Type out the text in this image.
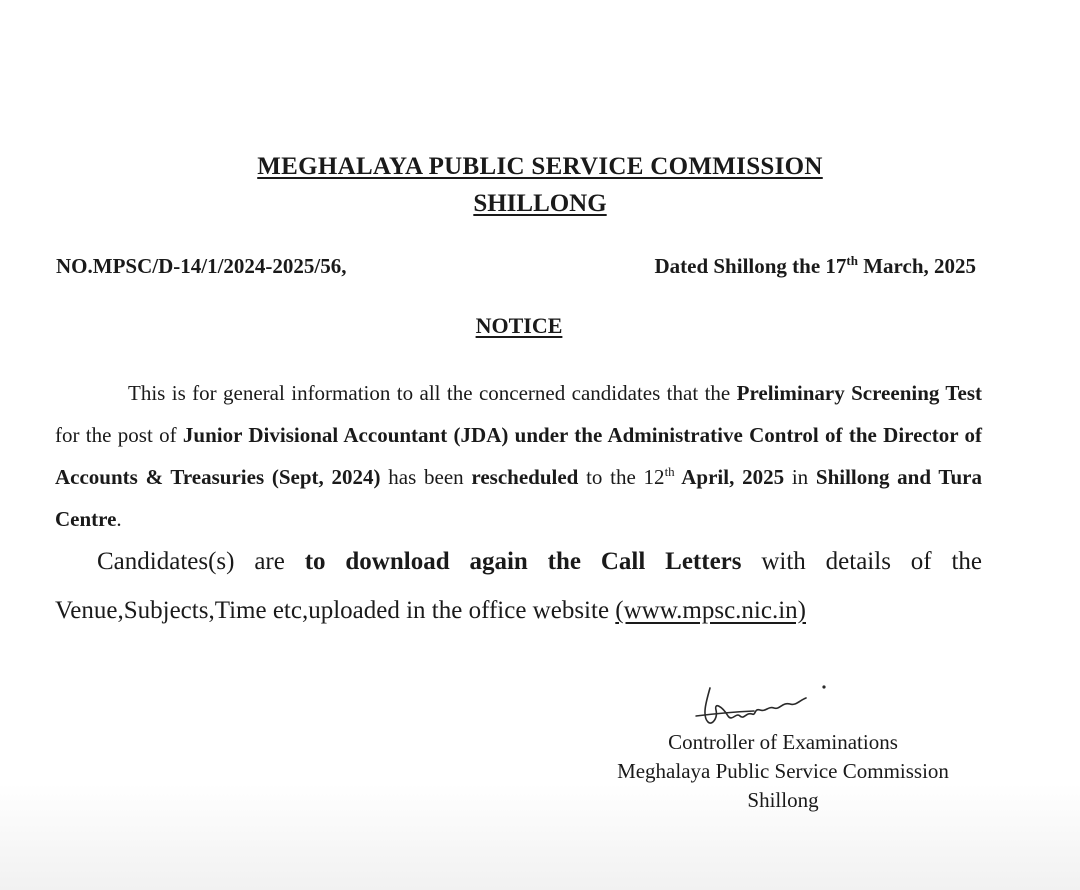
MEGHALAYA PUBLIC SERVICE COMMISSION
SHILLONG
NO.MPSC/D-14/1/2024-2025/56,	Dated Shillong the 17th March, 2025
NOTICE
This is for general information to all the concerned candidates that the Preliminary Screening Test for the post of Junior Divisional Accountant (JDA) under the Administrative Control of the Director of Accounts & Treasuries (Sept, 2024) has been rescheduled to the 12th April, 2025 in Shillong and Tura Centre.
Candidates(s) are to download again the Call Letters with details of the Venue,Subjects,Time etc,uploaded in the office website (www.mpsc.nic.in)
Controller of Examinations
Meghalaya Public Service Commission
Shillong
